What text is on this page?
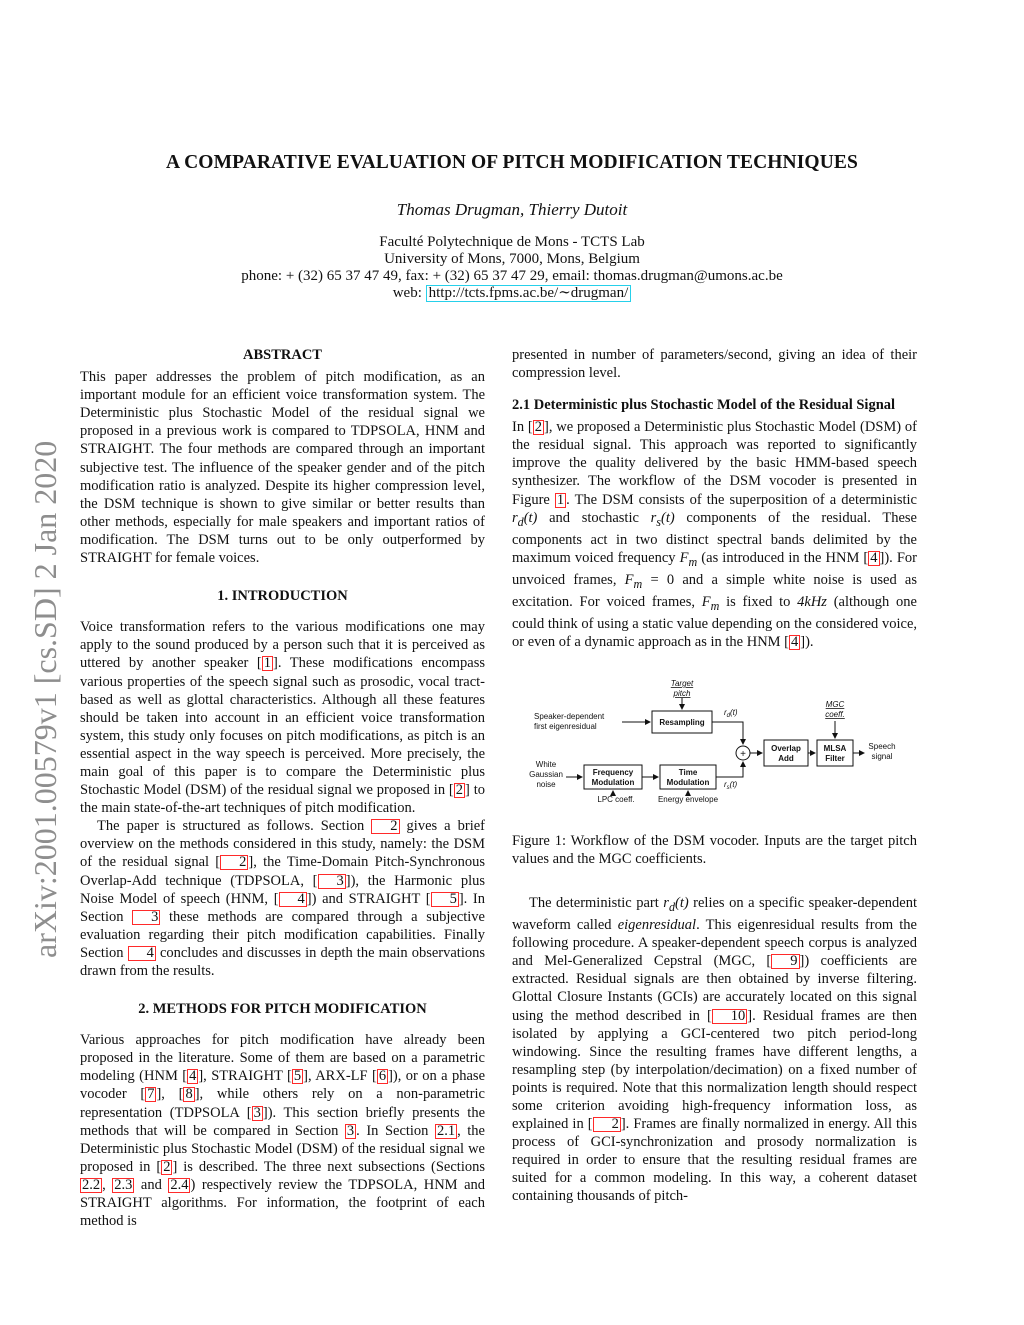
arXiv:2001.00579v1 [cs.SD] 2 Jan 2020
A COMPARATIVE EVALUATION OF PITCH MODIFICATION TECHNIQUES
Thomas Drugman, Thierry Dutoit
Faculté Polytechnique de Mons - TCTS Lab
University of Mons, 7000, Mons, Belgium
phone: + (32) 65 37 47 49, fax: + (32) 65 37 47 29, email: thomas.drugman@umons.ac.be
web: http://tcts.fpms.ac.be/∼drugman/

ABSTRACT

This paper addresses the problem of pitch modification, as an important module for an efficient voice transformation system. The Deterministic plus Stochastic Model of the residual signal we proposed in a previous work is compared to TDPSOLA, HNM and STRAIGHT. The four methods are compared through an important subjective test. The influence of the speaker gender and of the pitch modification ratio is analyzed. Despite its higher compression level, the DSM technique is shown to give similar or better results than other methods, especially for male speakers and important ratios of modification. The DSM turns out to be only outperformed by STRAIGHT for female voices.

1. INTRODUCTION

Voice transformation refers to the various modifications one may apply to the sound produced by a person such that it is perceived as uttered by another speaker [ 1 ]. These modifications encompass various properties of the speech signal such as prosodic, vocal tract-based as well as glottal characteristics. Although all these features should be taken into account in an efficient voice transformation system, this study only focuses on pitch modifications, as pitch is an essential aspect in the way speech is perceived. More precisely, the main goal of this paper is to compare the Deterministic plus Stochastic Model (DSM) of the residual signal we proposed in [ 2 ] to the main state-of-the-art techniques of pitch modification.

The paper is structured as follows. Section 2 gives a brief overview on the methods considered in this study, namely: the DSM of the residual signal [ 2 ], the Time-Domain Pitch-Synchronous Overlap-Add technique (TDPSOLA, [ 3 ]), the Harmonic plus Noise Model of speech (HNM, [ 4 ]) and STRAIGHT [ 5 ]. In Section 3 these methods are compared through a subjective evaluation regarding their pitch modification capabilities. Finally Section 4 concludes and discusses in depth the main observations drawn from the results.

2. METHODS FOR PITCH MODIFICATION

Various approaches for pitch modification have already been proposed in the literature. Some of them are based on a parametric modeling (HNM [ 4 ], STRAIGHT [ 5 ], ARX-LF [ 6 ]), or on a phase vocoder [ 7 ], [ 8 ], while others rely on a non-parametric representation (TDPSOLA [ 3 ]). This section briefly presents the methods that will be compared in Section 3 . In Section 2.1 , the Deterministic plus Stochastic Model (DSM) of the residual signal we proposed in [ 2 ] is described. The three next subsections (Sections 2.2 , 2.3 and 2.4 ) respectively review the TDPSOLA, HNM and STRAIGHT algorithms. For information, the footprint of each method is

presented in number of parameters/second, giving an idea of their compression level.

2.1 Deterministic plus Stochastic Model of the Residual Signal

In [ 2 ], we proposed a Deterministic plus Stochastic Model (DSM) of the residual signal. This approach was reported to significantly improve the quality delivered by the basic HMM-based speech synthesizer. The workflow of the DSM vocoder is presented in Figure 1 . The DSM consists of the superposition of a deterministic $r_d(t)$ and stochastic $r_s(t)$ components of the residual. These components act in two distinct spectral bands delimited by the maximum voiced frequency $F_m$ (as introduced in the HNM [ 4 ]). For unvoiced frames, $F_m = 0$ and a simple white noise is used as excitation. For voiced frames, $F_m$ is fixed to 4kHz (although one could think of using a static value depending on the considered voice, or even of a dynamic approach as in the HNM [ 4 ]).

Target
pitch
Speaker-dependent
first eigenresidual
MGC
coeff.
White
Gaussian
noise
Speech
signal
LPC coeff.	Energy envelope
$r_d(t)$
$r_s(t)$
Resampling
Frequency
Modulation
Time
Modulation
Overlap
Add
MLSA
Filter
+

Figure 1: Workflow of the DSM vocoder. Inputs are the target pitch values and the MGC coefficients.

The deterministic part $r_d(t)$ relies on a specific speaker-dependent waveform called eigenresidual. This eigenresidual results from the following procedure. A speaker-dependent speech corpus is analyzed and Mel-Generalized Cepstral (MGC, [ 9 ]) coefficients are extracted. Residual signals are then obtained by inverse filtering. Glottal Closure Instants (GCIs) are accurately located on this signal using the method described in [ 10 ]. Residual frames are then isolated by applying a GCI-centered two pitch period-long windowing. Since the resulting frames have different lengths, a resampling step (by interpolation/decimation) on a fixed number of points is required. Note that this normalization length should respect some criterion avoiding high-frequency information loss, as explained in [ 2 ]. Frames are finally normalized in energy. All this process of GCI-synchronization and prosody normalization is required in order to ensure that the resulting residual frames are suited for a common modeling. In this way, a coherent dataset containing thousands of pitch-
